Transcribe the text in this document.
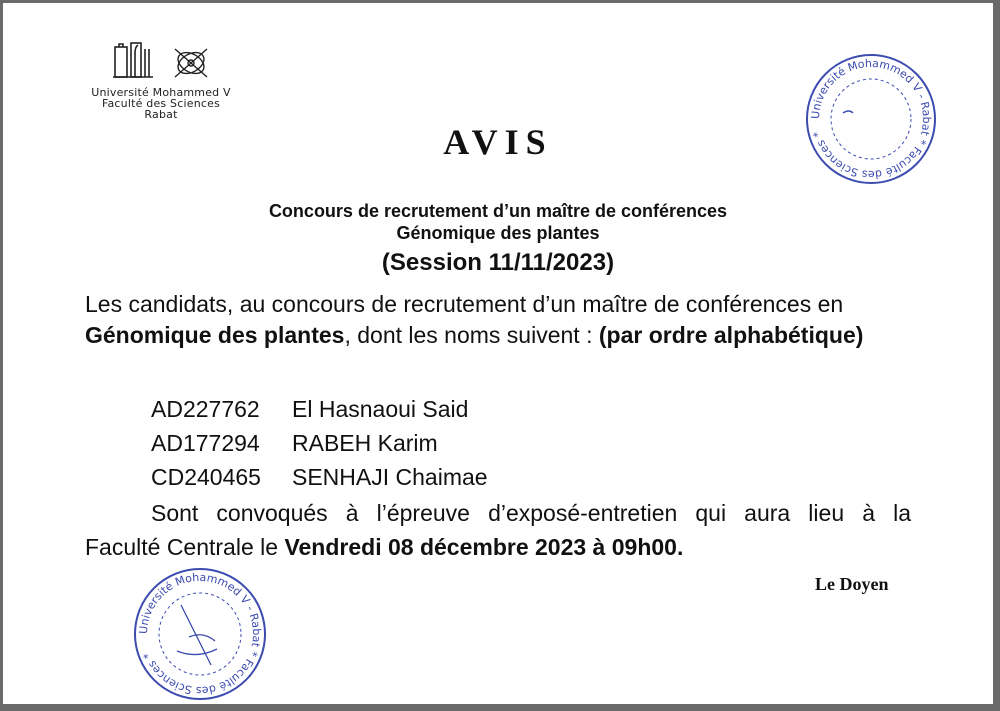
Université Mohammed V
Faculté des Sciences
Rabat	Université Mohammed V - Rabat * Faculté des Sciences *
AVIS
Concours de recrutement d’un maître de conférences
Génomique des plantes
(Session 11/11/2023)
Les candidats, au concours de recrutement d’un maître de conférences en Génomique des plantes, dont les noms suivent : (par ordre alphabétique)
AD227762 El Hasnaoui Said
AD177294 RABEH Karim
CD240465 SENHAJI Chaimae
Sont convoqués à l’épreuve d’exposé-entretien qui aura lieu à la
Faculté Centrale le Vendredi 08 décembre 2023 à 09h00.
Le Doyen
Université Mohammed V - Rabat * Faculté des Sciences *
